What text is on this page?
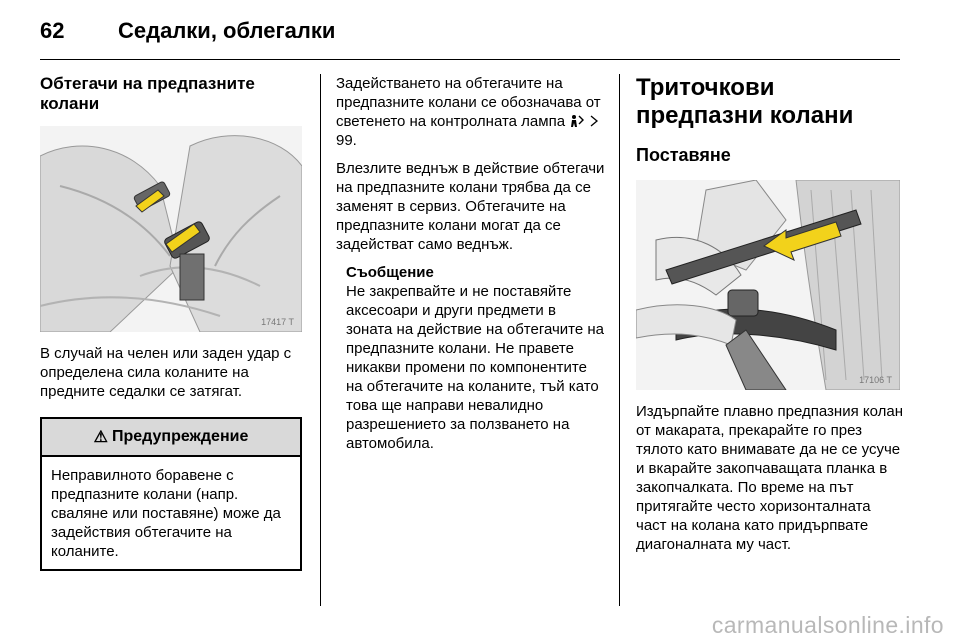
62 Седалки, облегалки
Обтегачи на предпазните колани
17417 T

В случай на челен или заден удар с определена сила коланите на предните седалки се затягат.

⚠ Предупреждение
Неправилното боравене с предпазните колани (напр. сваляне или поставяне) може да задействия обтегачите на коланите.

Задействането на обтегачите на предпазните колани се обозначава от светенето на контролната лампа   99.

Влезлите веднъж в действие обтегачи на предпазните колани трябва да се заменят в сервиз. Обтегачите на предпазните колани могат да се задействат само веднъж.

Съобщение

Не закрепвайте и не поставяйте аксесоари и други предмети в зоната на действие на обтегачите на предпазните колани. Не правете никакви промени по компонентите на обтегачите на коланите, тъй като това ще направи невалидно разрешението за ползването на автомобила.

Триточкови предпазни колани
Поставяне
17106 T

Издърпайте плавно предпазния колан от макарата, прекарайте го през тялото като внимавате да не се усуче и вкарайте закопчаващата планка в закопчалката. По време на път притягайте често хоризонталната част на колана като придърпвате диагоналната му част.

carmanualsonline.info
